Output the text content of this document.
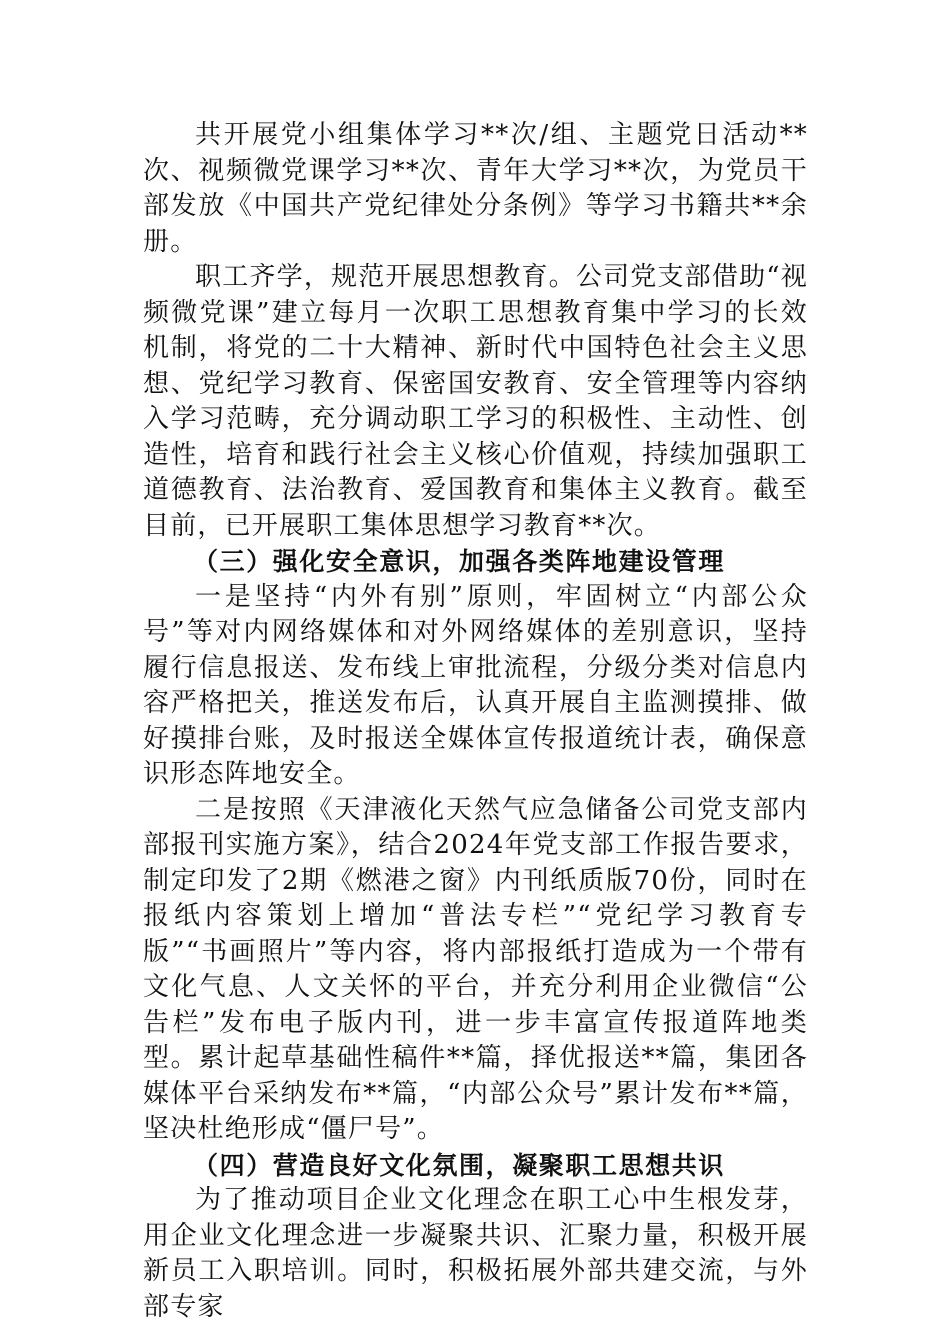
共开展党小组集体学习**次/组、主题党日活动**次、视频微党课学习**次、青年大学习**次，为党员干部发放《中国共产党纪律处分条例》等学习书籍共**余册。

职工齐学，规范开展思想教育。公司党支部借助“视频微党课”建立每月一次职工思想教育集中学习的长效机制，将党的二十大精神、新时代中国特色社会主义思想、党纪学习教育、保密国安教育、安全管理等内容纳入学习范畴，充分调动职工学习的积极性、主动性、创造性，培育和践行社会主义核心价值观，持续加强职工道德教育、法治教育、爱国教育和集体主义教育。截至目前，已开展职工集体思想学习教育**次。

（三）强化安全意识，加强各类阵地建设管理

一是坚持“内外有别”原则，牢固树立“内部公众号”等对内网络媒体和对外网络媒体的差别意识，坚持履行信息报送、发布线上审批流程，分级分类对信息内容严格把关，推送发布后，认真开展自主监测摸排、做好摸排台账，及时报送全媒体宣传报道统计表，确保意识形态阵地安全。

二是按照《天津液化天然气应急储备公司党支部内部报刊实施方案》，结合2024年党支部工作报告要求，制定印发了2期《燃港之窗》内刊纸质版70份，同时在报纸内容策划上增加“普法专栏”“党纪学习教育专版”“书画照片”等内容，将内部报纸打造成为一个带有文化气息、人文关怀的平台，并充分利用企业微信“公告栏”发布电子版内刊，进一步丰富宣传报道阵地类型。累计起草基础性稿件**篇，择优报送**篇，集团各媒体平台采纳发布**篇，“内部公众号”累计发布**篇，坚决杜绝形成“僵尸号”。

（四）营造良好文化氛围，凝聚职工思想共识

为了推动项目企业文化理念在职工心中生根发芽，用企业文化理念进一步凝聚共识、汇聚力量，积极开展新员工入职培训。同时，积极拓展外部共建交流，与外部专家
